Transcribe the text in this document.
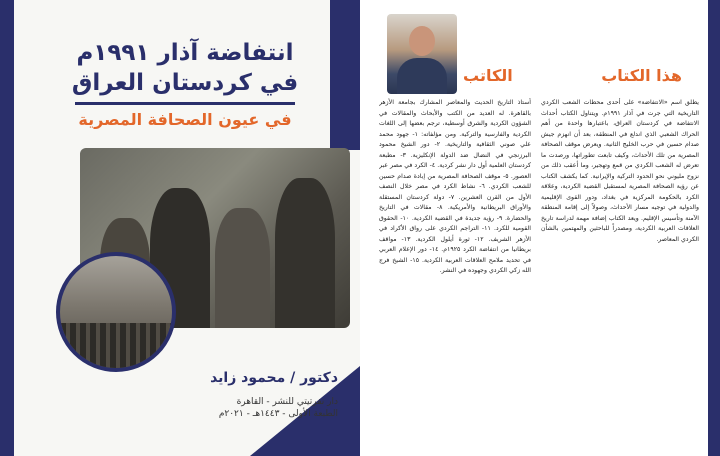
انتفاضة آذار ١٩٩١م
في كردستان العراق
في عيون الصحافة المصرية
دكتور / محمود زايد
دار نفرتيتي للنشر - القاهرة
الطبعة الأولى - ١٤٤٣هـ - ٢٠٢١م
الكاتب	هذا الكتاب

أستاذ التاريخ الحديث والمعاصر المشارك بجامعة الأزهر بالقاهرة. له العديد من الكتب والأبحاث والمقالات في الشؤون الكردية والشرق أوسطية، ترجم بعضها إلى اللغات الكردية والفارسية والتركية. ومن مؤلفاته: ١- جهود محمد علي صوني الثقافية والتاريخية. ٢- دور الشيخ محمود البرزنجي في النضال ضد الدولة الإنكليزية. ٣- مطبعة كردستان العلمية أول دار نشر كردية. ٤- الكرد في مصر عبر العصور. ٥- موقف الصحافة المصرية من إبادة صدام حسين للشعب الكردي. ٦- نشاط الكرد في مصر خلال النصف الأول من القرن العشرين. ٧- دولة كردستان المستقلة والأوراق البريطانية والأمريكية. ٨- مقالات في التاريخ والحضارة. ٩- رؤية جديدة في القضية الكردية. ١٠- الحقوق القومية للكرد. ١١- التراجم الكردي على رواق الأكراد في الأزهر الشريف. ١٢- ثورة أيلول الكردية. ١٣- مواقف بريطانيا من انتفاضة الكرد ١٩٢٥م. ١٤- دور الإعلام العربي في تحديد ملامح العلاقات العربية الكردية. ١٥- الشيخ فرج الله زكي الكردي وجهوده في النشر.

يطلق اسم «الانتفاضة» على أحدى محطات الشعب الكردي التاريخية التي جرت في آذار ١٩٩١م. ويتناول الكتاب أحداث الانتفاضة في كردستان العراق، باعتبارها واحدة من أهم الحراك الشعبي الذي اندلع في المنطقة، بعد أن انهزم جيش صدام حسين في حرب الخليج الثانية. ويعرض موقف الصحافة المصرية من تلك الأحداث، وكيف تابعت تطوراتها، ورصدت ما تعرض له الشعب الكردي من قمع وتهجير، وما أعقب ذلك من نزوح مليوني نحو الحدود التركية والإيرانية. كما يكشف الكتاب عن رؤية الصحافة المصرية لمستقبل القضية الكردية، وعلاقة الكرد بالحكومة المركزية في بغداد، ودور القوى الإقليمية والدولية في توجيه مسار الأحداث، وصولاً إلى إقامة المنطقة الآمنة وتأسيس الإقليم. ويعد الكتاب إضافة مهمة لدراسة تاريخ العلاقات العربية الكردية، ومصدراً للباحثين والمهتمين بالشأن الكردي المعاصر.
